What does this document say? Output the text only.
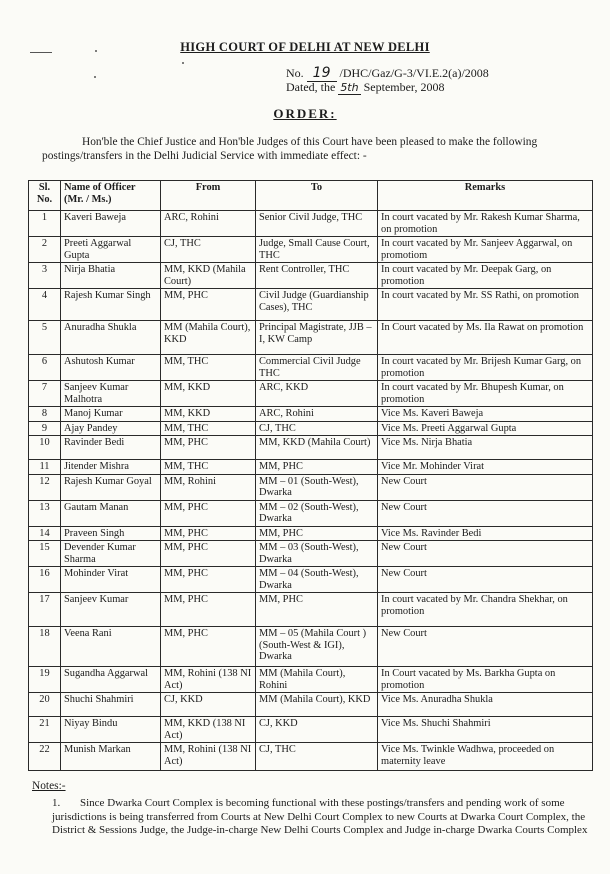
HIGH COURT OF DELHI AT NEW DELHI
No. 19 /DHC/Gaz/G-3/VI.E.2(a)/2008
Dated, the 5th September, 2008
ORDER:
Hon'ble the Chief Justice and Hon'ble Judges of this Court have been pleased to make the following postings/transfers in the Delhi Judicial Service with immediate effect: -
Sl. No.	Name of Officer (Mr. / Ms.)	From	To	Remarks
1	Kaveri Baweja	ARC, Rohini	Senior Civil Judge, THC	In court vacated by Mr. Rakesh Kumar Sharma, on promotion
2	Preeti Aggarwal Gupta	CJ, THC	Judge, Small Cause Court, THC	In court vacated by Mr. Sanjeev Aggarwal, on promotiom
3	Nirja Bhatia	MM, KKD (Mahila Court)	Rent Controller, THC	In court vacated by Mr. Deepak Garg, on promotion
4	Rajesh Kumar Singh	MM, PHC	Civil Judge (Guardianship Cases), THC	In court vacated by Mr. SS Rathi, on promotion
5	Anuradha Shukla	MM (Mahila Court), KKD	Principal Magistrate, JJB – I, KW Camp	In Court vacated by Ms. Ila Rawat on promotion
6	Ashutosh Kumar	MM, THC	Commercial Civil Judge THC	In court vacated by Mr. Brijesh Kumar Garg, on promotion
7	Sanjeev Kumar Malhotra	MM, KKD	ARC, KKD	In court vacated by Mr. Bhupesh Kumar, on promotion
8	Manoj Kumar	MM, KKD	ARC, Rohini	Vice Ms. Kaveri Baweja
9	Ajay Pandey	MM, THC	CJ, THC	Vice Ms. Preeti Aggarwal Gupta
10	Ravinder Bedi	MM, PHC	MM, KKD (Mahila Court)	Vice Ms. Nirja Bhatia
11	Jitender Mishra	MM, THC	MM, PHC	Vice Mr. Mohinder Virat
12	Rajesh Kumar Goyal	MM, Rohini	MM – 01 (South-West), Dwarka	New Court
13	Gautam Manan	MM, PHC	MM – 02 (South-West), Dwarka	New Court
14	Praveen Singh	MM, PHC	MM, PHC	Vice Ms. Ravinder Bedi
15	Devender Kumar Sharma	MM, PHC	MM – 03 (South-West), Dwarka	New Court
16	Mohinder Virat	MM, PHC	MM – 04 (South-West), Dwarka	New Court
17	Sanjeev Kumar	MM, PHC	MM, PHC	In court vacated by Mr. Chandra Shekhar, on promotion
18	Veena Rani	MM, PHC	MM – 05 (Mahila Court ) (South-West & IGI), Dwarka	New Court
19	Sugandha Aggarwal	MM, Rohini (138 NI Act)	MM (Mahila Court), Rohini	In Court vacated by Ms. Barkha Gupta on promotion
20	Shuchi Shahmiri	CJ, KKD	MM (Mahila Court), KKD	Vice Ms. Anuradha Shukla
21	Niyay Bindu	MM, KKD (138 NI Act)	CJ, KKD	Vice Ms. Shuchi Shahmiri
22	Munish Markan	MM, Rohini (138 NI Act)	CJ, THC	Vice Ms. Twinkle Wadhwa, proceeded on maternity leave
Notes:-
1.	Since Dwarka Court Complex is becoming functional with these postings/transfers and pending work of some jurisdictions is being transferred from Courts at New Delhi Court Complex to new Courts at Dwarka Court Complex, the District & Sessions Judge, the Judge-in-charge New Delhi Courts Complex and Judge in-charge Dwarka Courts Complex
